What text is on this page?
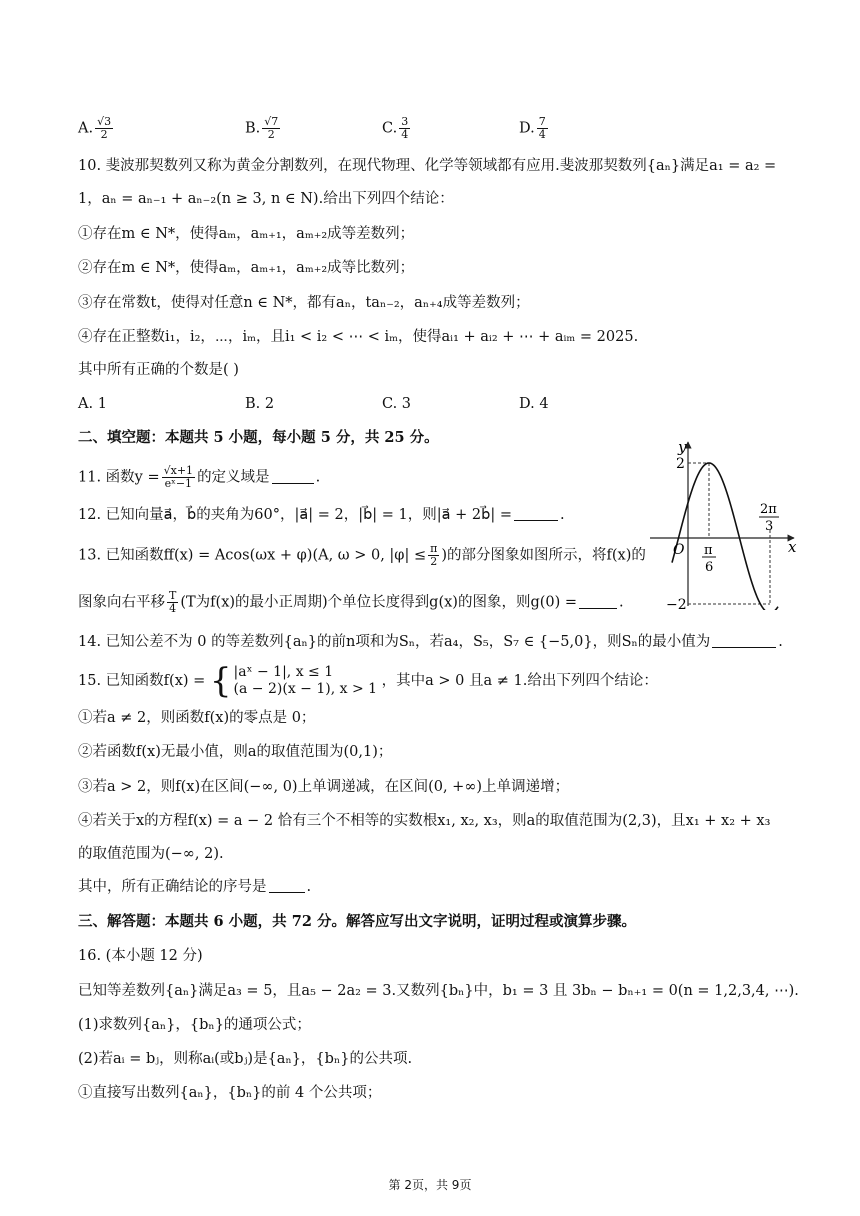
A. $\frac{√3}{2}$	B. $\frac{√7}{2}$	C. $\frac{3}{4}$	D. $\frac{7}{4}$
10. 斐波那契数列又称为黄金分割数列，在现代物理、化学等领域都有应用.斐波那契数列{aₙ}满足a₁ = a₂ =
1，aₙ = aₙ₋₁ + aₙ₋₂(n ≥ 3, n ∈ N).给出下列四个结论：
①存在m ∈ N*，使得aₘ，aₘ₊₁，aₘ₊₂成等差数列；
②存在m ∈ N*，使得aₘ，aₘ₊₁，aₘ₊₂成等比数列；
③存在常数t，使得对任意n ∈ N*，都有aₙ，taₙ₋₂，aₙ₊₄成等差数列；
④存在正整数i₁，i₂，⋯，iₘ，且i₁ < i₂ < ⋯ < iₘ，使得aᵢ₁ + aᵢ₂ + ⋯ + aᵢₘ = 2025.
其中所有正确的个数是( )
A. 1	B. 2	C. 3	D. 4
二、填空题：本题共 5 小题，每小题 5 分，共 25 分。
11. 函数$y = \frac{√x+1}{\text{eˣ−1}}$ 的定义域是	.
12. 已知向量a⃗，b⃗的夹角为60°，|a⃗| = 2，|b⃗| = 1，则|a⃗ + 2b⃗| =	.
13. 已知函数ff(x) = Acos(ωx + φ)(A, ω > 0, $|\varphi| \le \frac{\pi}{2}$ )的部分图象如图所示，将f(x)的
图象向右平移 $\frac{T}{4} (T$为f(x)的最小正周期)个单位长度得到g(x)的图象，则g(0) =	.
y
x
O
2
−2
π
6
2π
3
14. 已知公差不为 0 的等差数列{aₙ}的前n项和为Sₙ，若a₄，S₅，S₇ ∈ {−5,0}，则Sₙ的最小值为	.
15. 已知函数f(x) = { |aˣ − 1|, x ≤ 1
(a − 2)(x − 1), x > 1 ，其中a > 0 且a ≠ 1.给出下列四个结论：
①若a ≠ 2，则函数f(x)的零点是 0；
②若函数f(x)无最小值，则a的取值范围为(0,1)；
③若a > 2，则f(x)在区间(−∞, 0)上单调递减，在区间(0, +∞)上单调递增；
④若关于x的方程f(x) = a − 2 恰有三个不相等的实数根x₁, x₂, x₃，则a的取值范围为(2,3)，且x₁ + x₂ + x₃
的取值范围为(−∞, 2).
其中，所有正确结论的序号是	.
三、解答题：本题共 6 小题，共 72 分。解答应写出文字说明，证明过程或演算步骤。
16. (本小题 12 分)
已知等差数列{aₙ}满足a₃ = 5，且a₅ − 2a₂ = 3.又数列{bₙ}中，b₁ = 3 且 3bₙ − bₙ₊₁ = 0(n = 1,2,3,4, ⋯).
(1)求数列{aₙ}，{bₙ}的通项公式；
(2)若aᵢ = bⱼ，则称aᵢ(或bⱼ)是{aₙ}，{bₙ}的公共项.
①直接写出数列{aₙ}，{bₙ}的前 4 个公共项；
第 2页，共 9页
